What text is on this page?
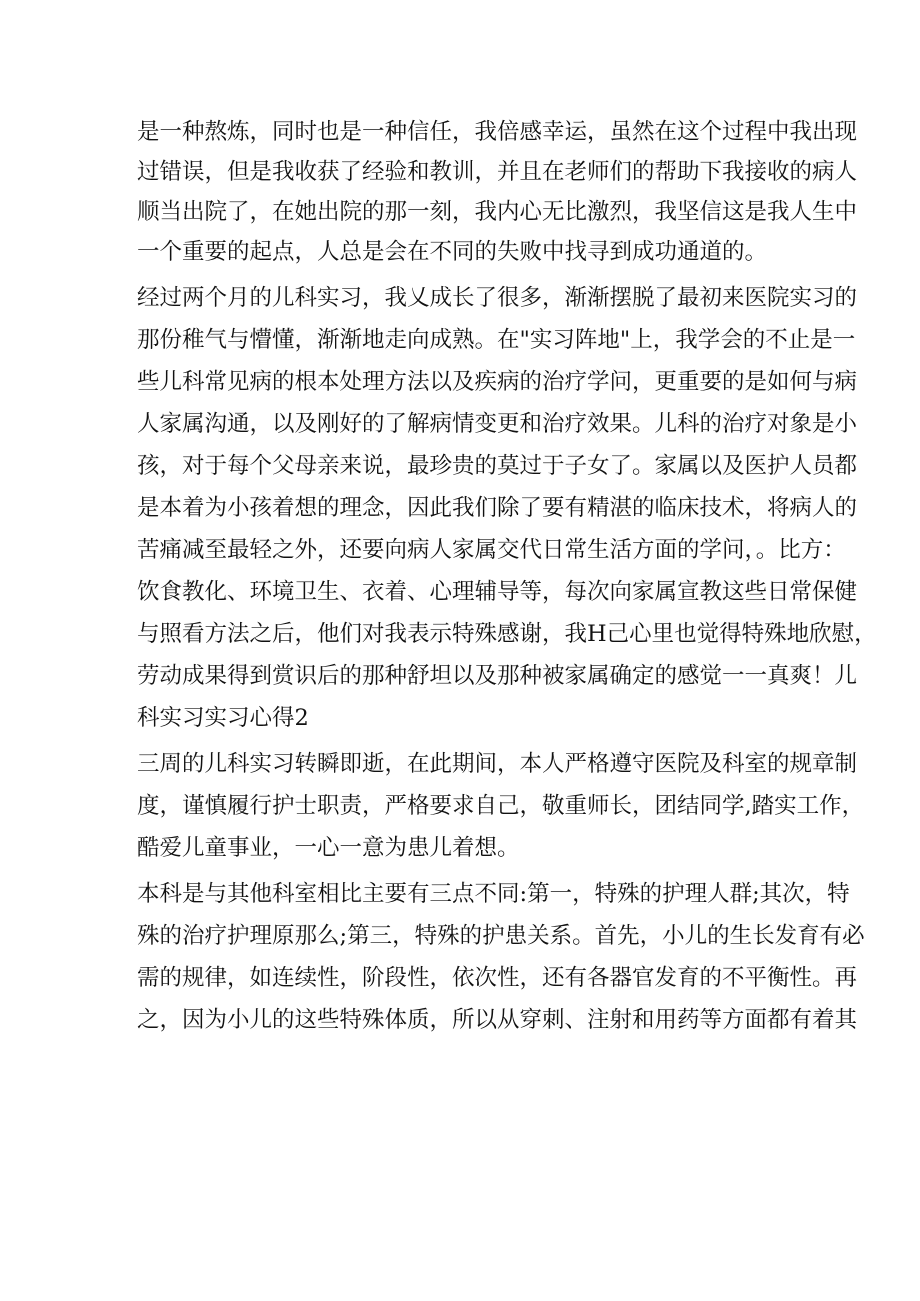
是一种熬炼，同时也是一种信任，我倍感幸运，虽然在这个过程中我出现
过错误，但是我收获了经验和教训，并且在老师们的帮助下我接收的病人
顺当出院了，在她出院的那一刻，我内心无比激烈，我坚信这是我人生中
一个重要的起点，人总是会在不同的失败中找寻到成功通道的。
经过两个月的儿科实习，我乂成长了很多，渐渐摆脱了最初来医院实习的
那份稚气与懵懂，渐渐地走向成熟。在"实习阵地"上，我学会的不止是一
些儿科常见病的根本处理方法以及疾病的治疗学问，更重要的是如何与病
人家属沟通，以及刚好的了解病情变更和治疗效果。儿科的治疗对象是小
孩，对于每个父母亲来说，最珍贵的莫过于子女了。家属以及医护人员都
是本着为小孩着想的理念，因此我们除了要有精湛的临床技术，将病人的
苦痛减至最轻之外，还要向病人家属交代日常生活方面的学问，。比方：
饮食教化、环境卫生、衣着、心理辅导等，每次向家属宣教这些日常保健
与照看方法之后，他们对我表示特殊感谢，我H己心里也觉得特殊地欣慰，
劳动成果得到赏识后的那种舒坦以及那种被家属确定的感觉一一真爽！儿
科实习实习心得2
三周的儿科实习转瞬即逝，在此期间，本人严格遵守医院及科室的规章制
度，谨慎履行护士职责，严格要求自己，敬重师长，团结同学,踏实工作，
酷爱儿童事业，一心一意为患儿着想。
本科是与其他科室相比主要有三点不同:第一，特殊的护理人群;其次，特
殊的治疗护理原那么;第三，特殊的护患关系。首先，小儿的生长发育有必
需的规律，如连续性，阶段性，依次性，还有各器官发育的不平衡性。再
之，因为小儿的这些特殊体质，所以从穿刺、注射和用药等方面都有着其
